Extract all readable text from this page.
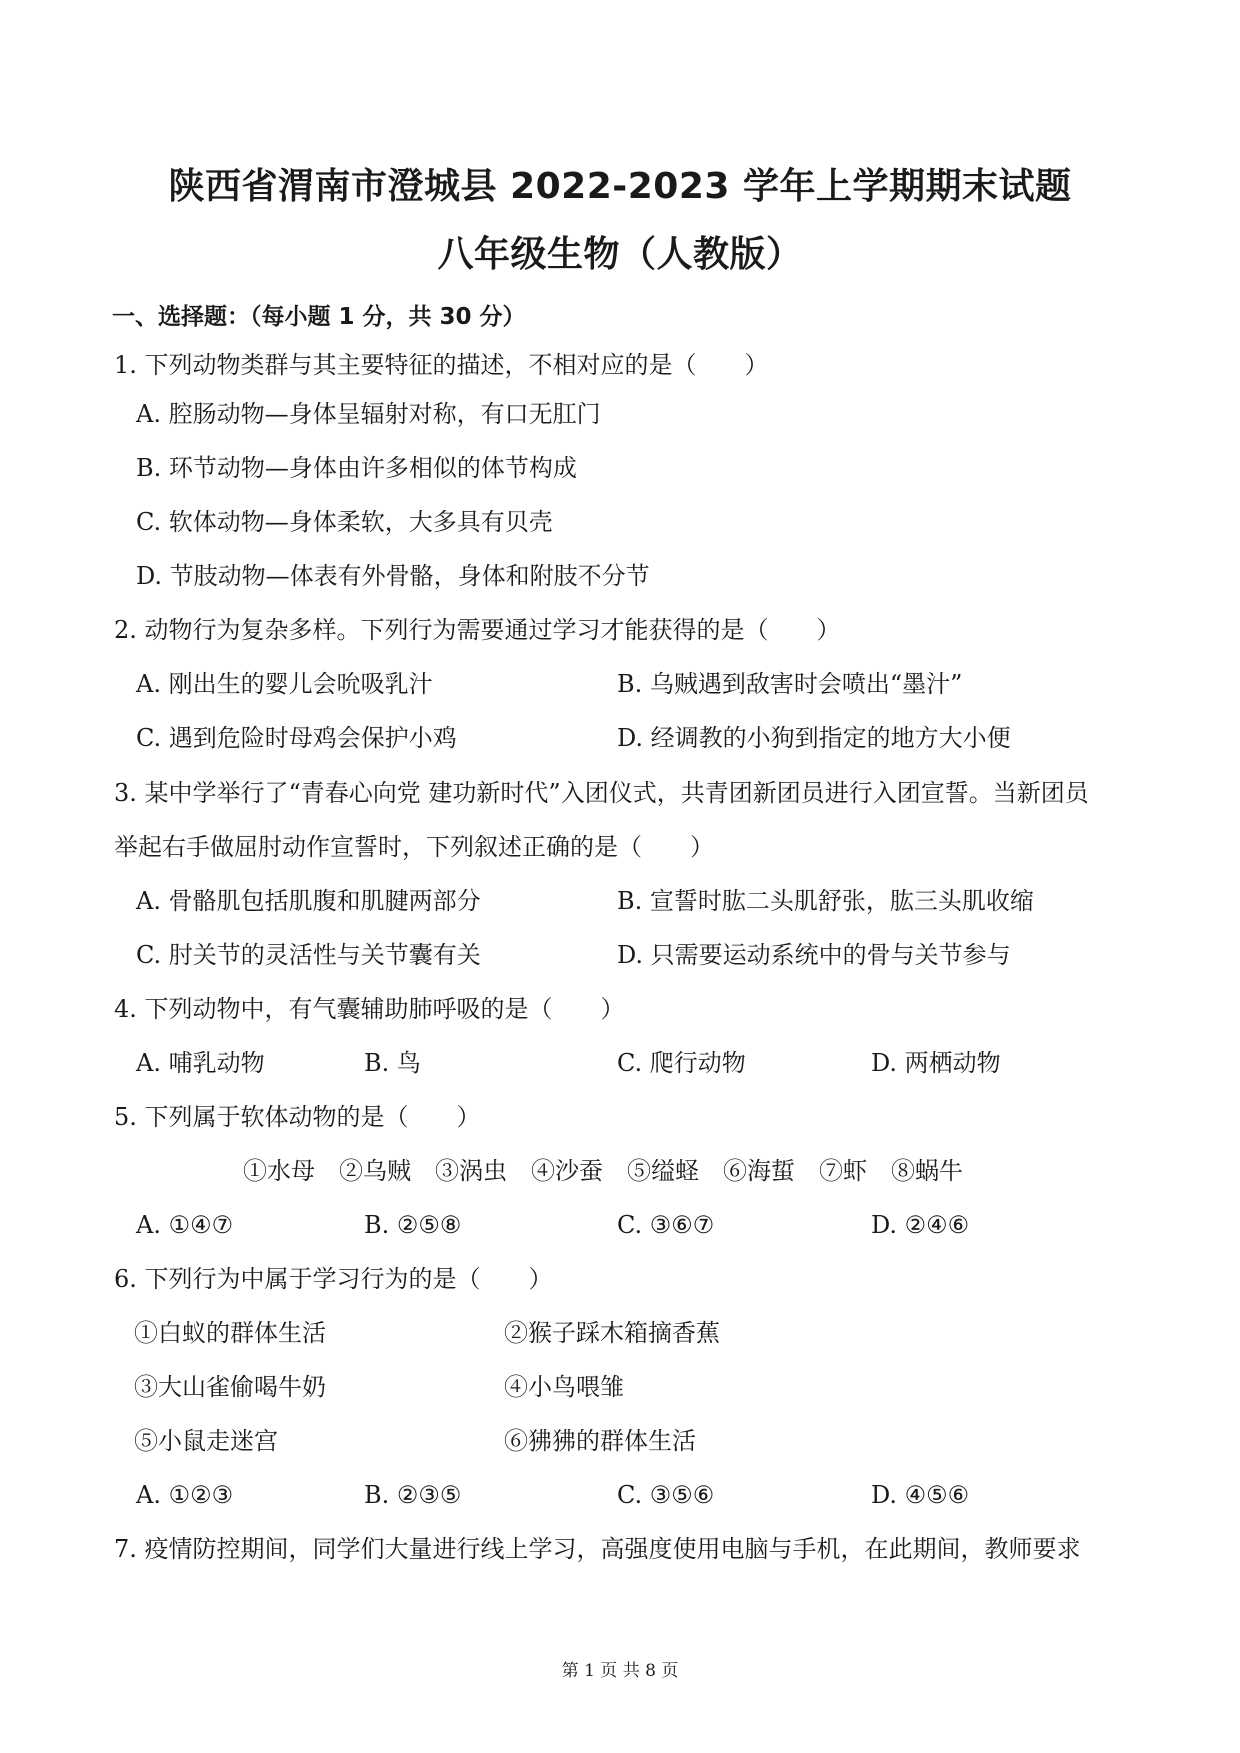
陕西省渭南市澄城县 2022-2023 学年上学期期末试题
八年级生物（人教版）
一、选择题：（每小题 1 分，共 30 分）
1. 下列动物类群与其主要特征的描述，不相对应的是（　　）
A. 腔肠动物—身体呈辐射对称，有口无肛门
B. 环节动物—身体由许多相似的体节构成
C. 软体动物—身体柔软，大多具有贝壳
D. 节肢动物—体表有外骨骼，身体和附肢不分节
2. 动物行为复杂多样。下列行为需要通过学习才能获得的是（　　）
A. 刚出生的婴儿会吮吸乳汁	B. 乌贼遇到敌害时会喷出“墨汁”
C. 遇到危险时母鸡会保护小鸡	D. 经调教的小狗到指定的地方大小便
3. 某中学举行了“青春心向党 建功新时代”入团仪式，共青团新团员进行入团宣誓。当新团员
举起右手做屈肘动作宣誓时，下列叙述正确的是（　　）
A. 骨骼肌包括肌腹和肌腱两部分	B. 宣誓时肱二头肌舒张，肱三头肌收缩
C. 肘关节的灵活性与关节囊有关	D. 只需要运动系统中的骨与关节参与
4. 下列动物中，有气囊辅助肺呼吸的是（　　）
A. 哺乳动物	B. 鸟	C. 爬行动物	D. 两栖动物
5. 下列属于软体动物的是（　　）
①水母　②乌贼　③涡虫　④沙蚕　⑤缢蛏　⑥海蜇　⑦虾　⑧蜗牛
A. ①④⑦	B. ②⑤⑧	C. ③⑥⑦	D. ②④⑥
6. 下列行为中属于学习行为的是（　　）
①白蚁的群体生活	②猴子踩木箱摘香蕉
③大山雀偷喝牛奶	④小鸟喂雏
⑤小鼠走迷宫	⑥狒狒的群体生活
A. ①②③	B. ②③⑤	C. ③⑤⑥	D. ④⑤⑥
7. 疫情防控期间，同学们大量进行线上学习，高强度使用电脑与手机，在此期间，教师要求
第 1 页 共 8 页
